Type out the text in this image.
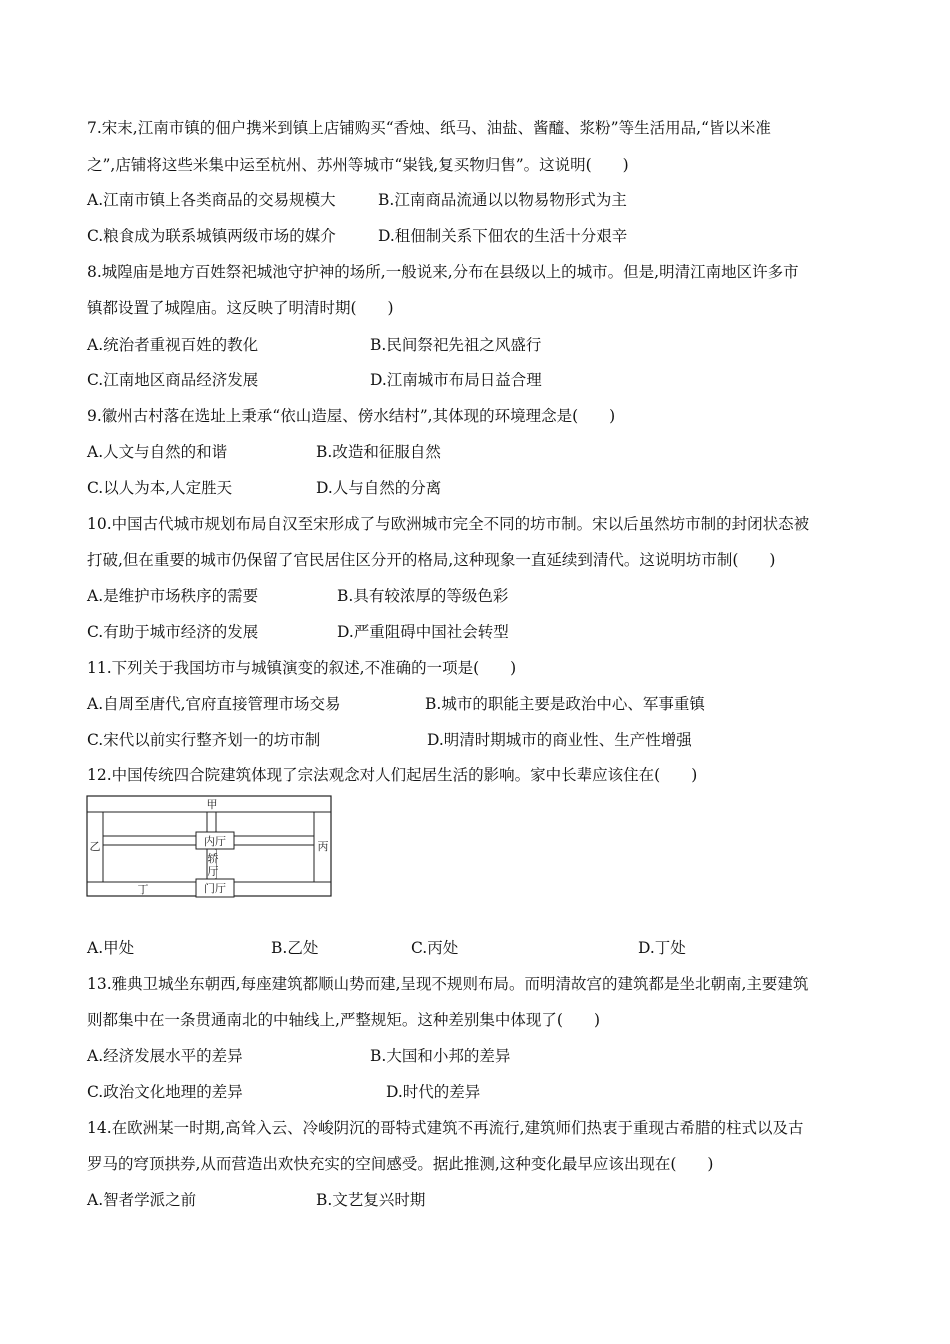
7.宋末,江南市镇的佃户携米到镇上店铺购买“香烛、纸马、油盐、酱醯、浆粉”等生活用品,“皆以米准
之”,店铺将这些米集中运至杭州、苏州等城市“粜钱,复买物归售”。这说明(　　)
A.江南市镇上各类商品的交易规模大	B.江南商品流通以以物易物形式为主
C.粮食成为联系城镇两级市场的媒介	D.租佃制关系下佃农的生活十分艰辛
8.城隍庙是地方百姓祭祀城池守护神的场所,一般说来,分布在县级以上的城市。但是,明清江南地区许多市
镇都设置了城隍庙。这反映了明清时期(　　)
A.统治者重视百姓的教化	B.民间祭祀先祖之风盛行
C.江南地区商品经济发展	D.江南城市布局日益合理
9.徽州古村落在选址上秉承“依山造屋、傍水结村”,其体现的环境理念是(　　)
A.人文与自然的和谐	B.改造和征服自然
C.以人为本,人定胜天	D.人与自然的分离
10.中国古代城市规划布局自汉至宋形成了与欧洲城市完全不同的坊市制。宋以后虽然坊市制的封闭状态被
打破,但在重要的城市仍保留了官民居住区分开的格局,这种现象一直延续到清代。这说明坊市制(　　)
A.是维护市场秩序的需要	B.具有较浓厚的等级色彩
C.有助于城市经济的发展	D.严重阻碍中国社会转型
11.下列关于我国坊市与城镇演变的叙述,不准确的一项是(　　)
A.自周至唐代,官府直接管理市场交易	B.城市的职能主要是政治中心、军事重镇
C.宋代以前实行整齐划一的坊市制	D.明清时期城市的商业性、生产性增强
12.中国传统四合院建筑体现了宗法观念对人们起居生活的影响。家中长辈应该住在(　　)
甲
乙	丙
丁
内厅
轿
厅
门厅
A.甲处	B.乙处	C.丙处	D.丁处
13.雅典卫城坐东朝西,每座建筑都顺山势而建,呈现不规则布局。而明清故宫的建筑都是坐北朝南,主要建筑
则都集中在一条贯通南北的中轴线上,严整规矩。这种差别集中体现了(　　)
A.经济发展水平的差异	B.大国和小邦的差异
C.政治文化地理的差异	D.时代的差异
14.在欧洲某一时期,高耸入云、冷峻阴沉的哥特式建筑不再流行,建筑师们热衷于重现古希腊的柱式以及古
罗马的穹顶拱券,从而营造出欢快充实的空间感受。据此推测,这种变化最早应该出现在(　　)
A.智者学派之前	B.文艺复兴时期
